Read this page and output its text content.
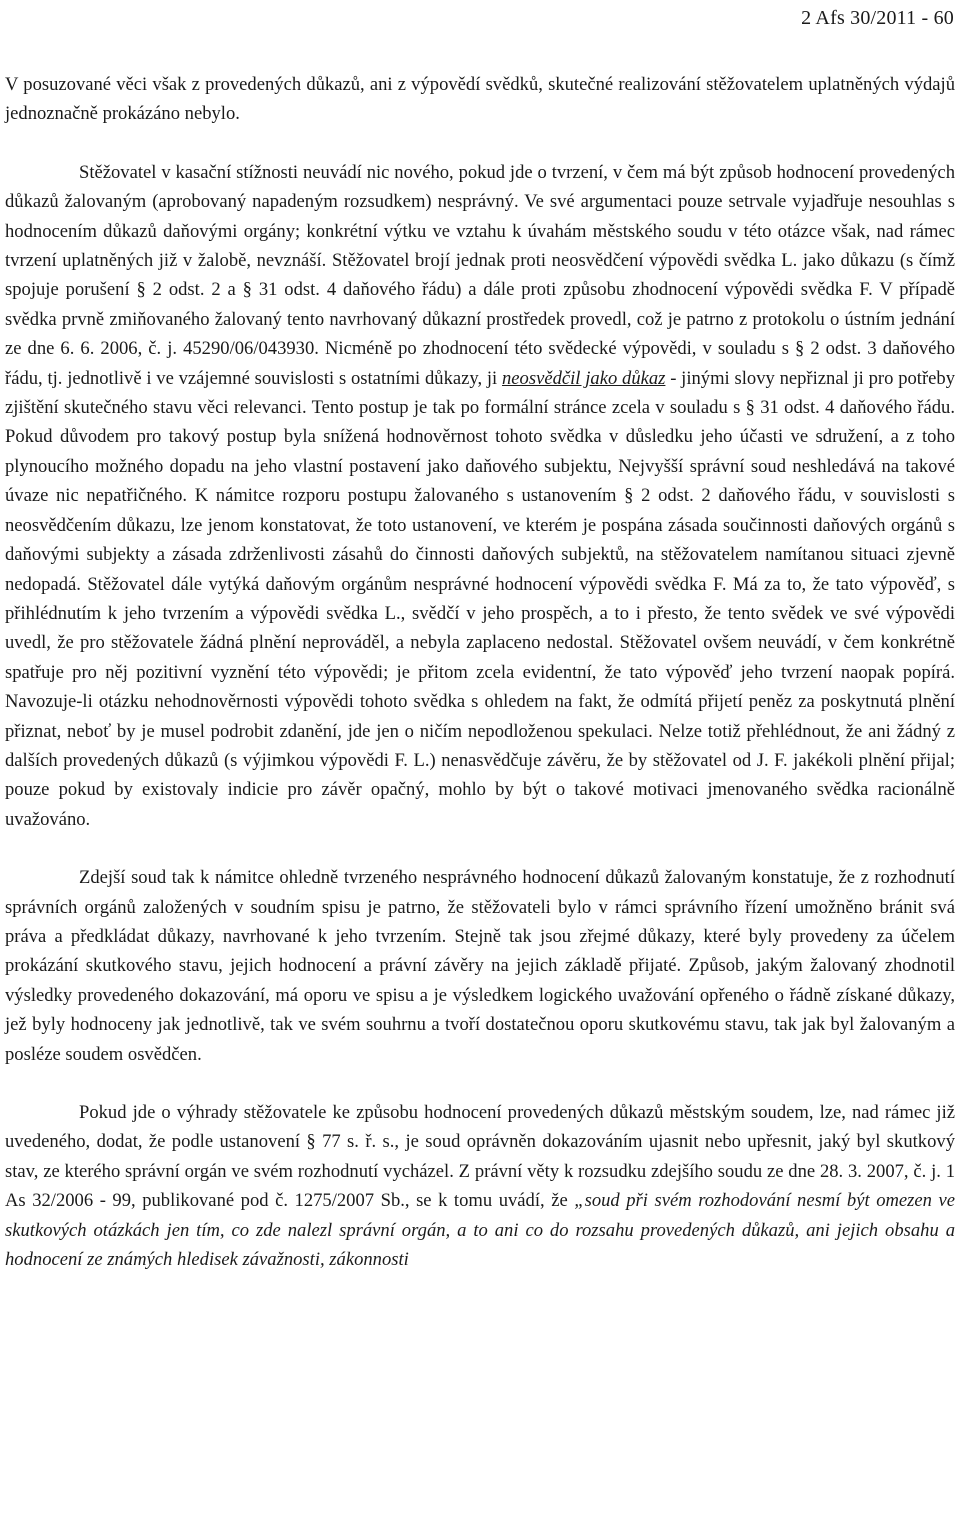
2 Afs 30/2011 - 60

V posuzované věci však z provedených důkazů, ani z výpovědí svědků, skutečné realizování stěžovatelem uplatněných výdajů jednoznačně prokázáno nebylo.

Stěžovatel v kasační stížnosti neuvádí nic nového, pokud jde o tvrzení, v čem má být způsob hodnocení provedených důkazů žalovaným (aprobovaný napadeným rozsudkem) nesprávný. Ve své argumentaci pouze setrvale vyjadřuje nesouhlas s hodnocením důkazů daňovými orgány; konkrétní výtku ve vztahu k úvahám městského soudu v této otázce však, nad rámec tvrzení uplatněných již v žalobě, nevznáší. Stěžovatel brojí jednak proti neosvědčení výpovědi svědka L. jako důkazu (s čímž spojuje porušení § 2 odst. 2 a § 31 odst. 4 daňového řádu) a dále proti způsobu zhodnocení výpovědi svědka F. V případě svědka prvně zmiňovaného žalovaný tento navrhovaný důkazní prostředek provedl, což je patrno z protokolu o ústním jednání ze dne 6. 6. 2006, č. j. 45290/06/043930. Nicméně po zhodnocení této svědecké výpovědi, v souladu s § 2 odst. 3 daňového řádu, tj. jednotlivě i ve vzájemné souvislosti s ostatními důkazy, ji neosvědčil jako důkaz - jinými slovy nepřiznal ji pro potřeby zjištění skutečného stavu věci relevanci. Tento postup je tak po formální stránce zcela v souladu s § 31 odst. 4 daňového řádu. Pokud důvodem pro takový postup byla snížená hodnověrnost tohoto svědka v důsledku jeho účasti ve sdružení, a z toho plynoucího možného dopadu na jeho vlastní postavení jako daňového subjektu, Nejvyšší správní soud neshledává na takové úvaze nic nepatřičného. K námitce rozporu postupu žalovaného s ustanovením § 2 odst. 2 daňového řádu, v souvislosti s neosvědčením důkazu, lze jenom konstatovat, že toto ustanovení, ve kterém je pospána zásada součinnosti daňových orgánů s daňovými subjekty a zásada zdrženlivosti zásahů do činnosti daňových subjektů, na stěžovatelem namítanou situaci zjevně nedopadá. Stěžovatel dále vytýká daňovým orgánům nesprávné hodnocení výpovědi svědka F. Má za to, že tato výpověď, s přihlédnutím k jeho tvrzením a výpovědi svědka L., svědčí v jeho prospěch, a to i přesto, že tento svědek ve své výpovědi uvedl, že pro stěžovatele žádná plnění neprováděl, a nebyla zaplaceno nedostal. Stěžovatel ovšem neuvádí, v čem konkrétně spatřuje pro něj pozitivní vyznění této výpovědi; je přitom zcela evidentní, že tato výpověď jeho tvrzení naopak popírá. Navozuje-li otázku nehodnověrnosti výpovědi tohoto svědka s ohledem na fakt, že odmítá přijetí peněz za poskytnutá plnění přiznat, neboť by je musel podrobit zdanění, jde jen o ničím nepodloženou spekulaci. Nelze totiž přehlédnout, že ani žádný z dalších provedených důkazů (s výjimkou výpovědi F. L.) nenasvědčuje závěru, že by stěžovatel od J. F. jakékoli plnění přijal; pouze pokud by existovaly indicie pro závěr opačný, mohlo by být o takové motivaci jmenovaného svědka racionálně uvažováno.

Zdejší soud tak k námitce ohledně tvrzeného nesprávného hodnocení důkazů žalovaným konstatuje, že z rozhodnutí správních orgánů založených v soudním spisu je patrno, že stěžovateli bylo v rámci správního řízení umožněno bránit svá práva a předkládat důkazy, navrhované k jeho tvrzením. Stejně tak jsou zřejmé důkazy, které byly provedeny za účelem prokázání skutkového stavu, jejich hodnocení a právní závěry na jejich základě přijaté. Způsob, jakým žalovaný zhodnotil výsledky provedeného dokazování, má oporu ve spisu a je výsledkem logického uvažování opřeného o řádně získané důkazy, jež byly hodnoceny jak jednotlivě, tak ve svém souhrnu a tvoří dostatečnou oporu skutkovému stavu, tak jak byl žalovaným a posléze soudem osvědčen.

Pokud jde o výhrady stěžovatele ke způsobu hodnocení provedených důkazů městským soudem, lze, nad rámec již uvedeného, dodat, že podle ustanovení § 77 s. ř. s., je soud oprávněn dokazováním ujasnit nebo upřesnit, jaký byl skutkový stav, ze kterého správní orgán ve svém rozhodnutí vycházel. Z právní věty k rozsudku zdejšího soudu ze dne 28. 3. 2007, č. j. 1 As 32/2006 - 99, publikované pod č. 1275/2007 Sb., se k tomu uvádí, že „soud při svém rozhodování nesmí být omezen ve skutkových otázkách jen tím, co zde nalezl správní orgán, a to ani co do rozsahu provedených důkazů, ani jejich obsahu a hodnocení ze známých hledisek závažnosti, zákonnosti
